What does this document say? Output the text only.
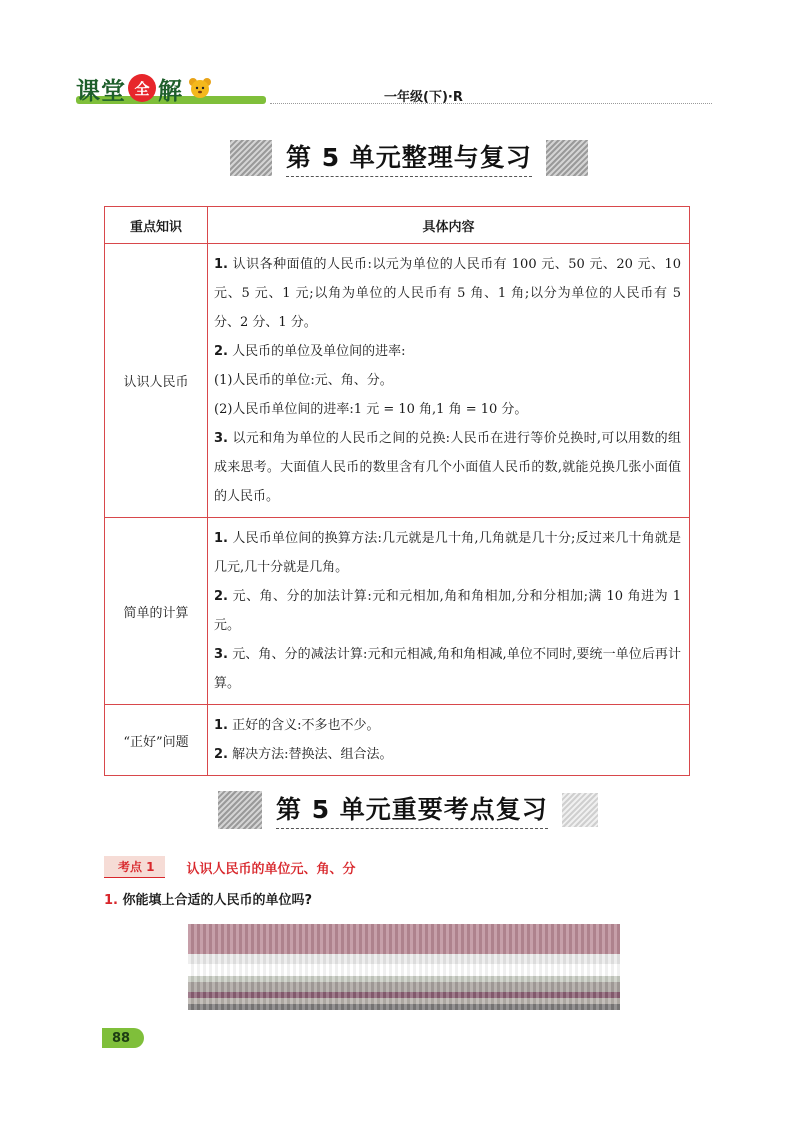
课堂 全 解	一年级(下)·R
第 5 单元整理与复习
重点知识	具体内容
认识人民币	1. 认识各种面值的人民币:以元为单位的人民币有 100 元、50 元、20 元、10 元、5 元、1 元;以角为单位的人民币有 5 角、1 角;以分为单位的人民币有 5 分、2 分、1 分。
2. 人民币的单位及单位间的进率:
(1)人民币的单位:元、角、分。
(2)人民币单位间的进率:1 元 = 10 角,1 角 = 10 分。
3. 以元和角为单位的人民币之间的兑换:人民币在进行等价兑换时,可以用数的组成来思考。大面值人民币的数里含有几个小面值人民币的数,就能兑换几张小面值的人民币。

简单的计算	1. 人民币单位间的换算方法:几元就是几十角,几角就是几十分;反过来几十角就是几元,几十分就是几角。
2. 元、角、分的加法计算:元和元相加,角和角相加,分和分相加;满 10 角进为 1 元。
3. 元、角、分的减法计算:元和元相减,角和角相减,单位不同时,要统一单位后再计算。

“正好”问题	1. 正好的含义:不多也不少。
2. 解决方法:替换法、组合法。
第 5 单元重要考点复习
考点 1	认识人民币的单位元、角、分
1. 你能填上合适的人民币的单位吗?
88
